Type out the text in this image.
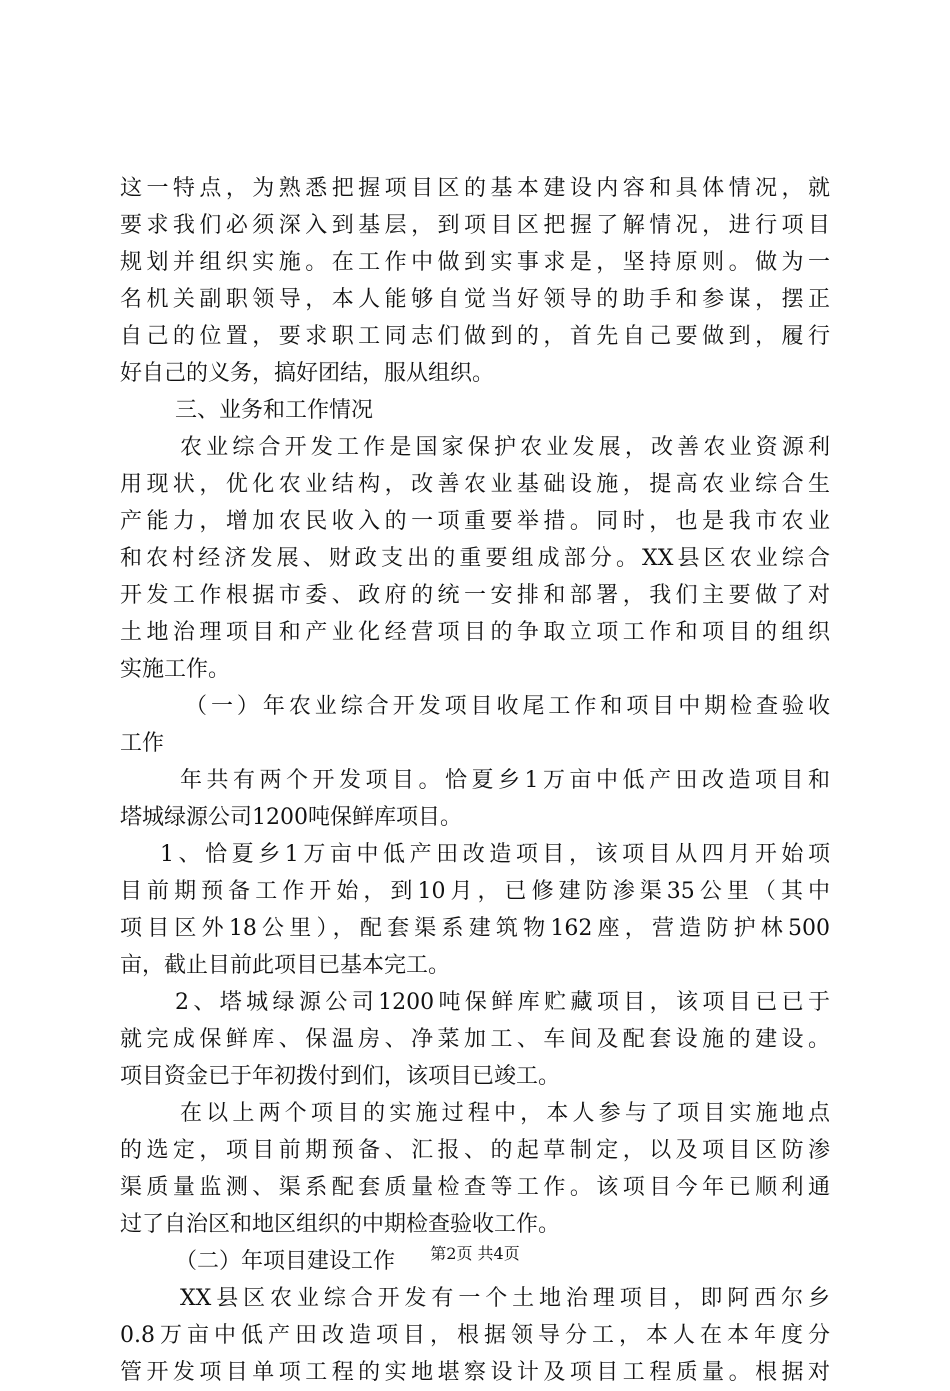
这一特点，为熟悉把握项目区的基本建设内容和具体情况，就
要求我们必须深入到基层，到项目区把握了解情况，进行项目
规划并组织实施。在工作中做到实事求是，坚持原则。做为一
名机关副职领导，本人能够自觉当好领导的助手和参谋，摆正
自己的位置，要求职工同志们做到的，首先自己要做到，履行
好自己的义务，搞好团结，服从组织。
三、业务和工作情况
农业综合开发工作是国家保护农业发展，改善农业资源利
用现状，优化农业结构，改善农业基础设施，提高农业综合生
产能力，增加农民收入的一项重要举措。同时，也是我市农业
和农村经济发展、财政支出的重要组成部分。XX县区农业综合
开发工作根据市委、政府的统一安排和部署，我们主要做了对
土地治理项目和产业化经营项目的争取立项工作和项目的组织
实施工作。
（一）年农业综合开发项目收尾工作和项目中期检查验收
工作
年共有两个开发项目。恰夏乡1万亩中低产田改造项目和
塔城绿源公司1200吨保鲜库项目。
1、恰夏乡1万亩中低产田改造项目，该项目从四月开始项
目前期预备工作开始，到10月，已修建防渗渠35公里（其中
项目区外18公里），配套渠系建筑物162座，营造防护林500
亩，截止目前此项目已基本完工。
2、塔城绿源公司1200吨保鲜库贮藏项目，该项目已已于
就完成保鲜库、保温房、净菜加工、车间及配套设施的建设。
项目资金已于年初拨付到们，该项目已竣工。
在以上两个项目的实施过程中，本人参与了项目实施地点
的选定，项目前期预备、汇报、的起草制定，以及项目区防渗
渠质量监测、渠系配套质量检查等工作。该项目今年已顺利通
过了自治区和地区组织的中期检查验收工作。
（二）年项目建设工作
XX县区农业综合开发有一个土地治理项目，即阿西尔乡
0.8万亩中低产田改造项目，根据领导分工，本人在本年度分
管开发项目单项工程的实地堪察设计及项目工程质量。根据对
第2页 共4页
